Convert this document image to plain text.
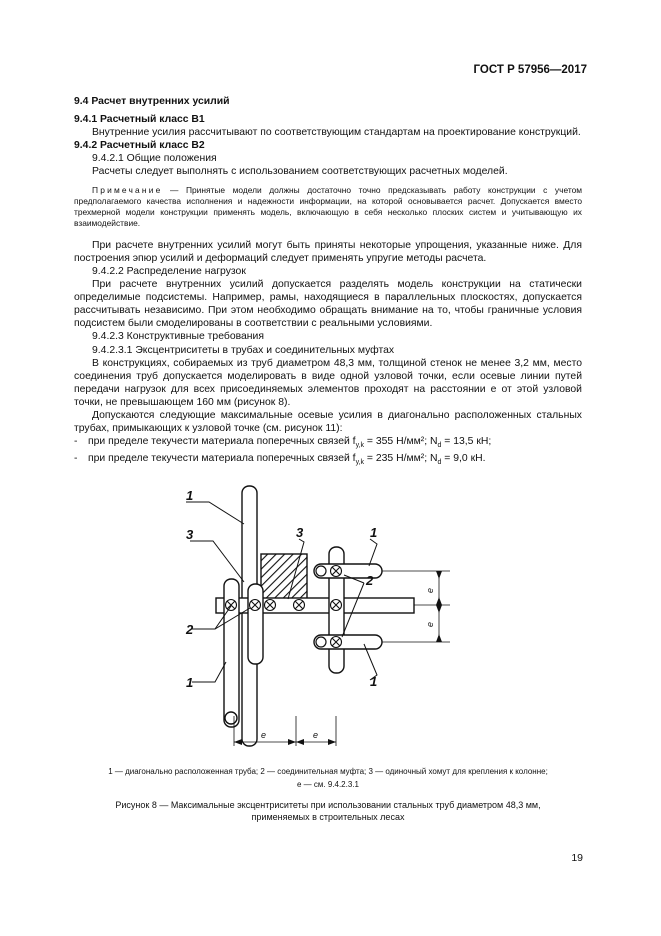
ГОСТ Р 57956—2017

9.4 Расчет внутренних усилий

9.4.1 Расчетный класс В1

Внутренние усилия рассчитывают по соответствующим стандартам на проектирование конструкций.

9.4.2 Расчетный класс В2

9.4.2.1 Общие положения

Расчеты следует выполнять с использованием соответствующих расчетных моделей.

Примечание — Принятые модели должны достаточно точно предсказывать работу конструкции с учетом предполагаемого качества исполнения и надежности информации, на которой основывается расчет. Допускается вместо трехмерной модели конструкции применять модель, включающую в себя несколько плоских систем и учитывающую их взаимодействие.

При расчете внутренних усилий могут быть приняты некоторые упрощения, указанные ниже. Для построения эпюр усилий и деформаций следует применять упругие методы расчета.

9.4.2.2 Распределение нагрузок

При расчете внутренних усилий допускается разделять модель конструкции на статически определимые подсистемы. Например, рамы, находящиеся в параллельных плоскостях, допускается рассчитывать независимо. При этом необходимо обращать внимание на то, чтобы граничные условия подсистем были смоделированы в соответствии с реальными условиями.

9.4.2.3 Конструктивные требования

9.4.2.3.1 Эксцентриситеты в трубах и соединительных муфтах

В конструкциях, собираемых из труб диаметром 48,3 мм, толщиной стенок не менее 3,2 мм, место соединения труб допускается моделировать в виде одной узловой точки, если осевые линии путей передачи нагрузок для всех присоединяемых элементов проходят на расстоянии e от этой узловой точки, не превышающем 160 мм (рисунок 8).

Допускаются следующие максимальные осевые усилия в диагонально расположенных стальных трубах, примыкающих к узловой точке (см. рисунок 11):

- при пределе текучести материала поперечных связей $f_{y,k} = 355$ Н/мм²; $N_d = 13,5$ кН;

- при пределе текучести материала поперечных связей $f_{y,k} = 235$ Н/мм²; $N_d = 9,0$ кН.

1
3	3	1
2
2
1
1
e
e
e	e
1 — диагонально расположенная труба; 2 — соединительная муфта; 3 — одиночный хомут для крепления к колонне;
e — см. 9.4.2.3.1
Рисунок 8 — Максимальные эксцентриситеты при использовании стальных труб диаметром 48,3 мм,
применяемых в строительных лесах
19
